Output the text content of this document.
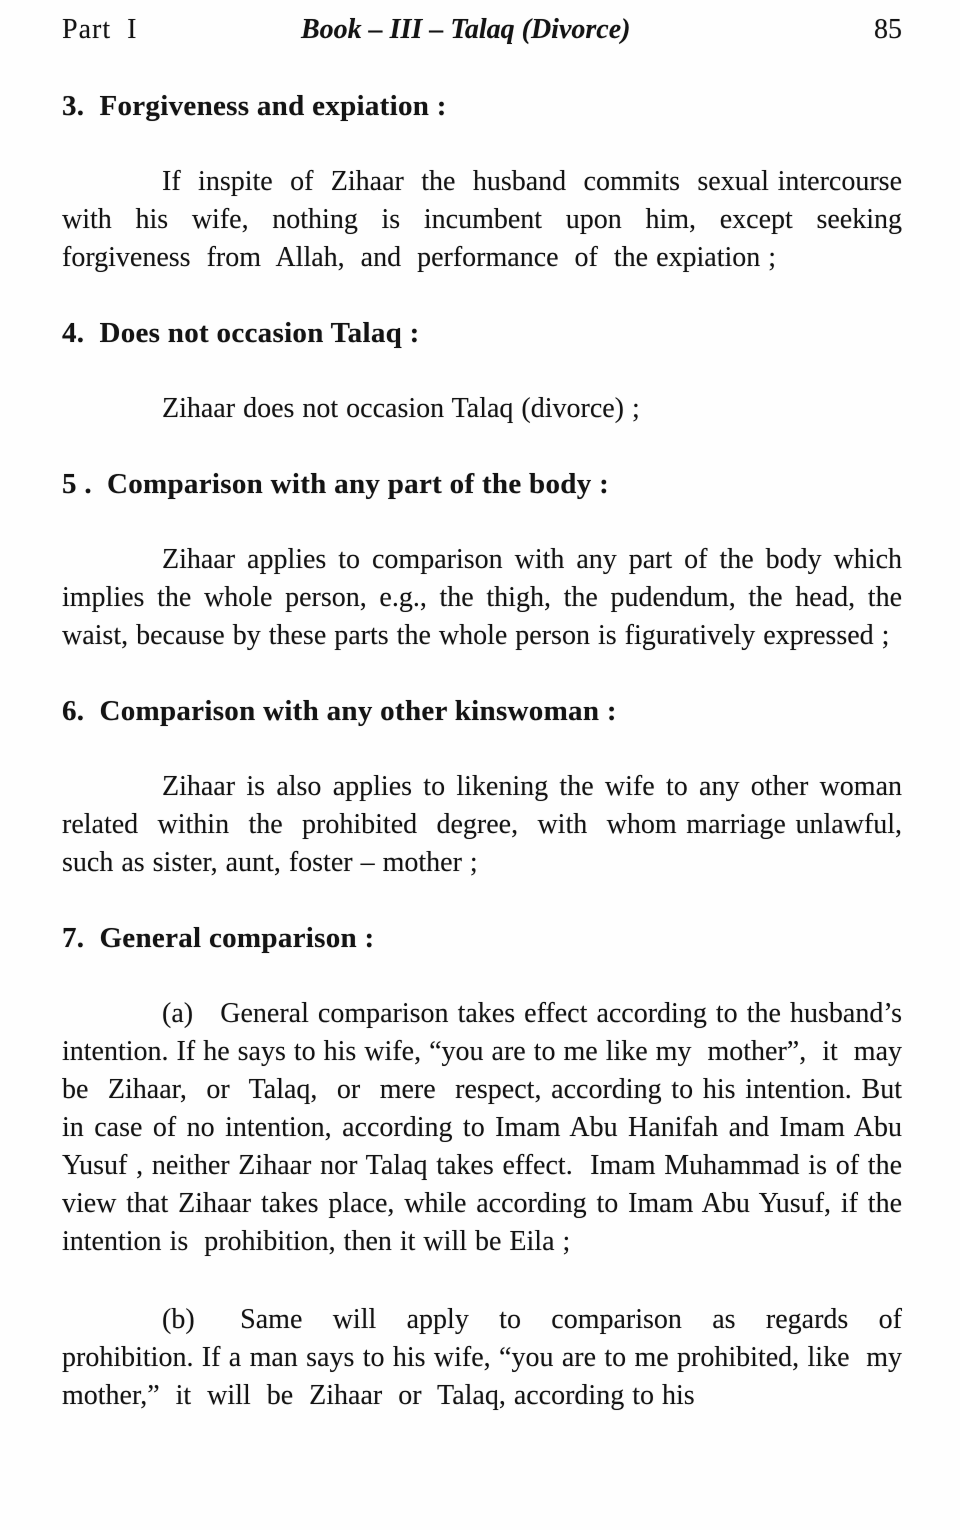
Part  I	Book – III – Talaq (Divorce)	85
3.  Forgiveness and expiation :

If  inspite  of  Zihaar  the  husband  commits  sexual intercourse with his wife, nothing is incumbent upon him, except seeking  forgiveness  from  Allah,  and  performance  of  the expiation ;

4.  Does not occasion Talaq :

Zihaar does not occasion Talaq (divorce) ;

5 .  Comparison with any part of the body :

Zihaar applies to comparison with any part of the body which implies the whole person, e.g., the thigh, the pudendum, the head, the waist, because by these parts the whole person is figuratively expressed ;

6.  Comparison with any other kinswoman :

Zihaar is also applies to likening the wife to any other woman  related  within  the  prohibited  degree,  with  whom marriage unlawful, such as sister, aunt, foster – mother ;

7.  General comparison :

(a)   General comparison takes effect according to the husband’s intention. If he says to his wife, “you are to me like my  mother”,  it  may  be  Zihaar,  or  Talaq,  or  mere  respect, according to his intention. But in case of no intention, according to Imam Abu Hanifah and Imam Abu Yusuf , neither Zihaar nor Talaq takes effect.  Imam Muhammad is of the view that Zihaar takes place, while according to Imam Abu Yusuf, if the intention is  prohibition, then it will be Eila ;

(b)   Same  will  apply  to  comparison  as  regards  of prohibition. If a man says to his wife, “you are to me prohibited, like  my  mother,”  it  will  be  Zihaar  or  Talaq, according to his
